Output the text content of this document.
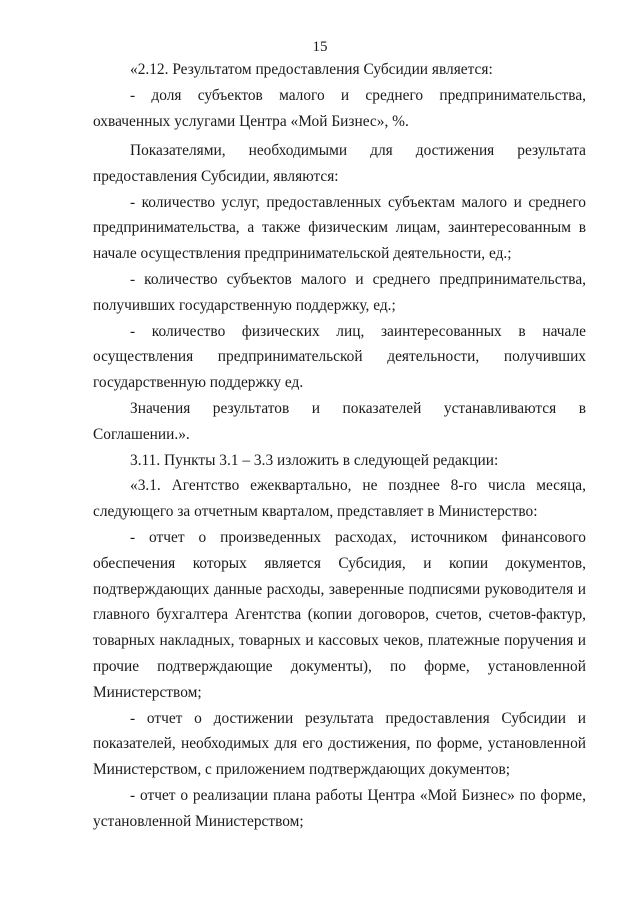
15
«2.12. Результатом предоставления Субсидии является:
- доля субъектов малого и среднего предпринимательства,
охваченных услугами Центра «Мой Бизнес», %.
Показателями, необходимыми для достижения результата
предоставления Субсидии, являются:
- количество услуг, предоставленных субъектам малого и среднего
предпринимательства, а также физическим лицам, заинтересованным в
начале осуществления предпринимательской деятельности, ед.;
- количество субъектов малого и среднего предпринимательства,
получивших государственную поддержку, ед.;
- количество физических лиц, заинтересованных в начале
осуществления предпринимательской деятельности, получивших
государственную поддержку ед.
Значения результатов и показателей устанавливаются в
Соглашении.».
3.11. Пункты 3.1 – 3.3 изложить в следующей редакции:
«3.1. Агентство ежеквартально, не позднее 8-го числа месяца,
следующего за отчетным кварталом, представляет в Министерство:
- отчет о произведенных расходах, источником финансового
обеспечения которых является Субсидия, и копии документов,
подтверждающих данные расходы, заверенные подписями руководителя и
главного бухгалтера Агентства (копии договоров, счетов, счетов-фактур,
товарных накладных, товарных и кассовых чеков, платежные поручения и
прочие подтверждающие документы), по форме, установленной
Министерством;
- отчет о достижении результата предоставления Субсидии и
показателей, необходимых для его достижения, по форме, установленной
Министерством, с приложением подтверждающих документов;
- отчет о реализации плана работы Центра «Мой Бизнес» по форме,
установленной Министерством;
